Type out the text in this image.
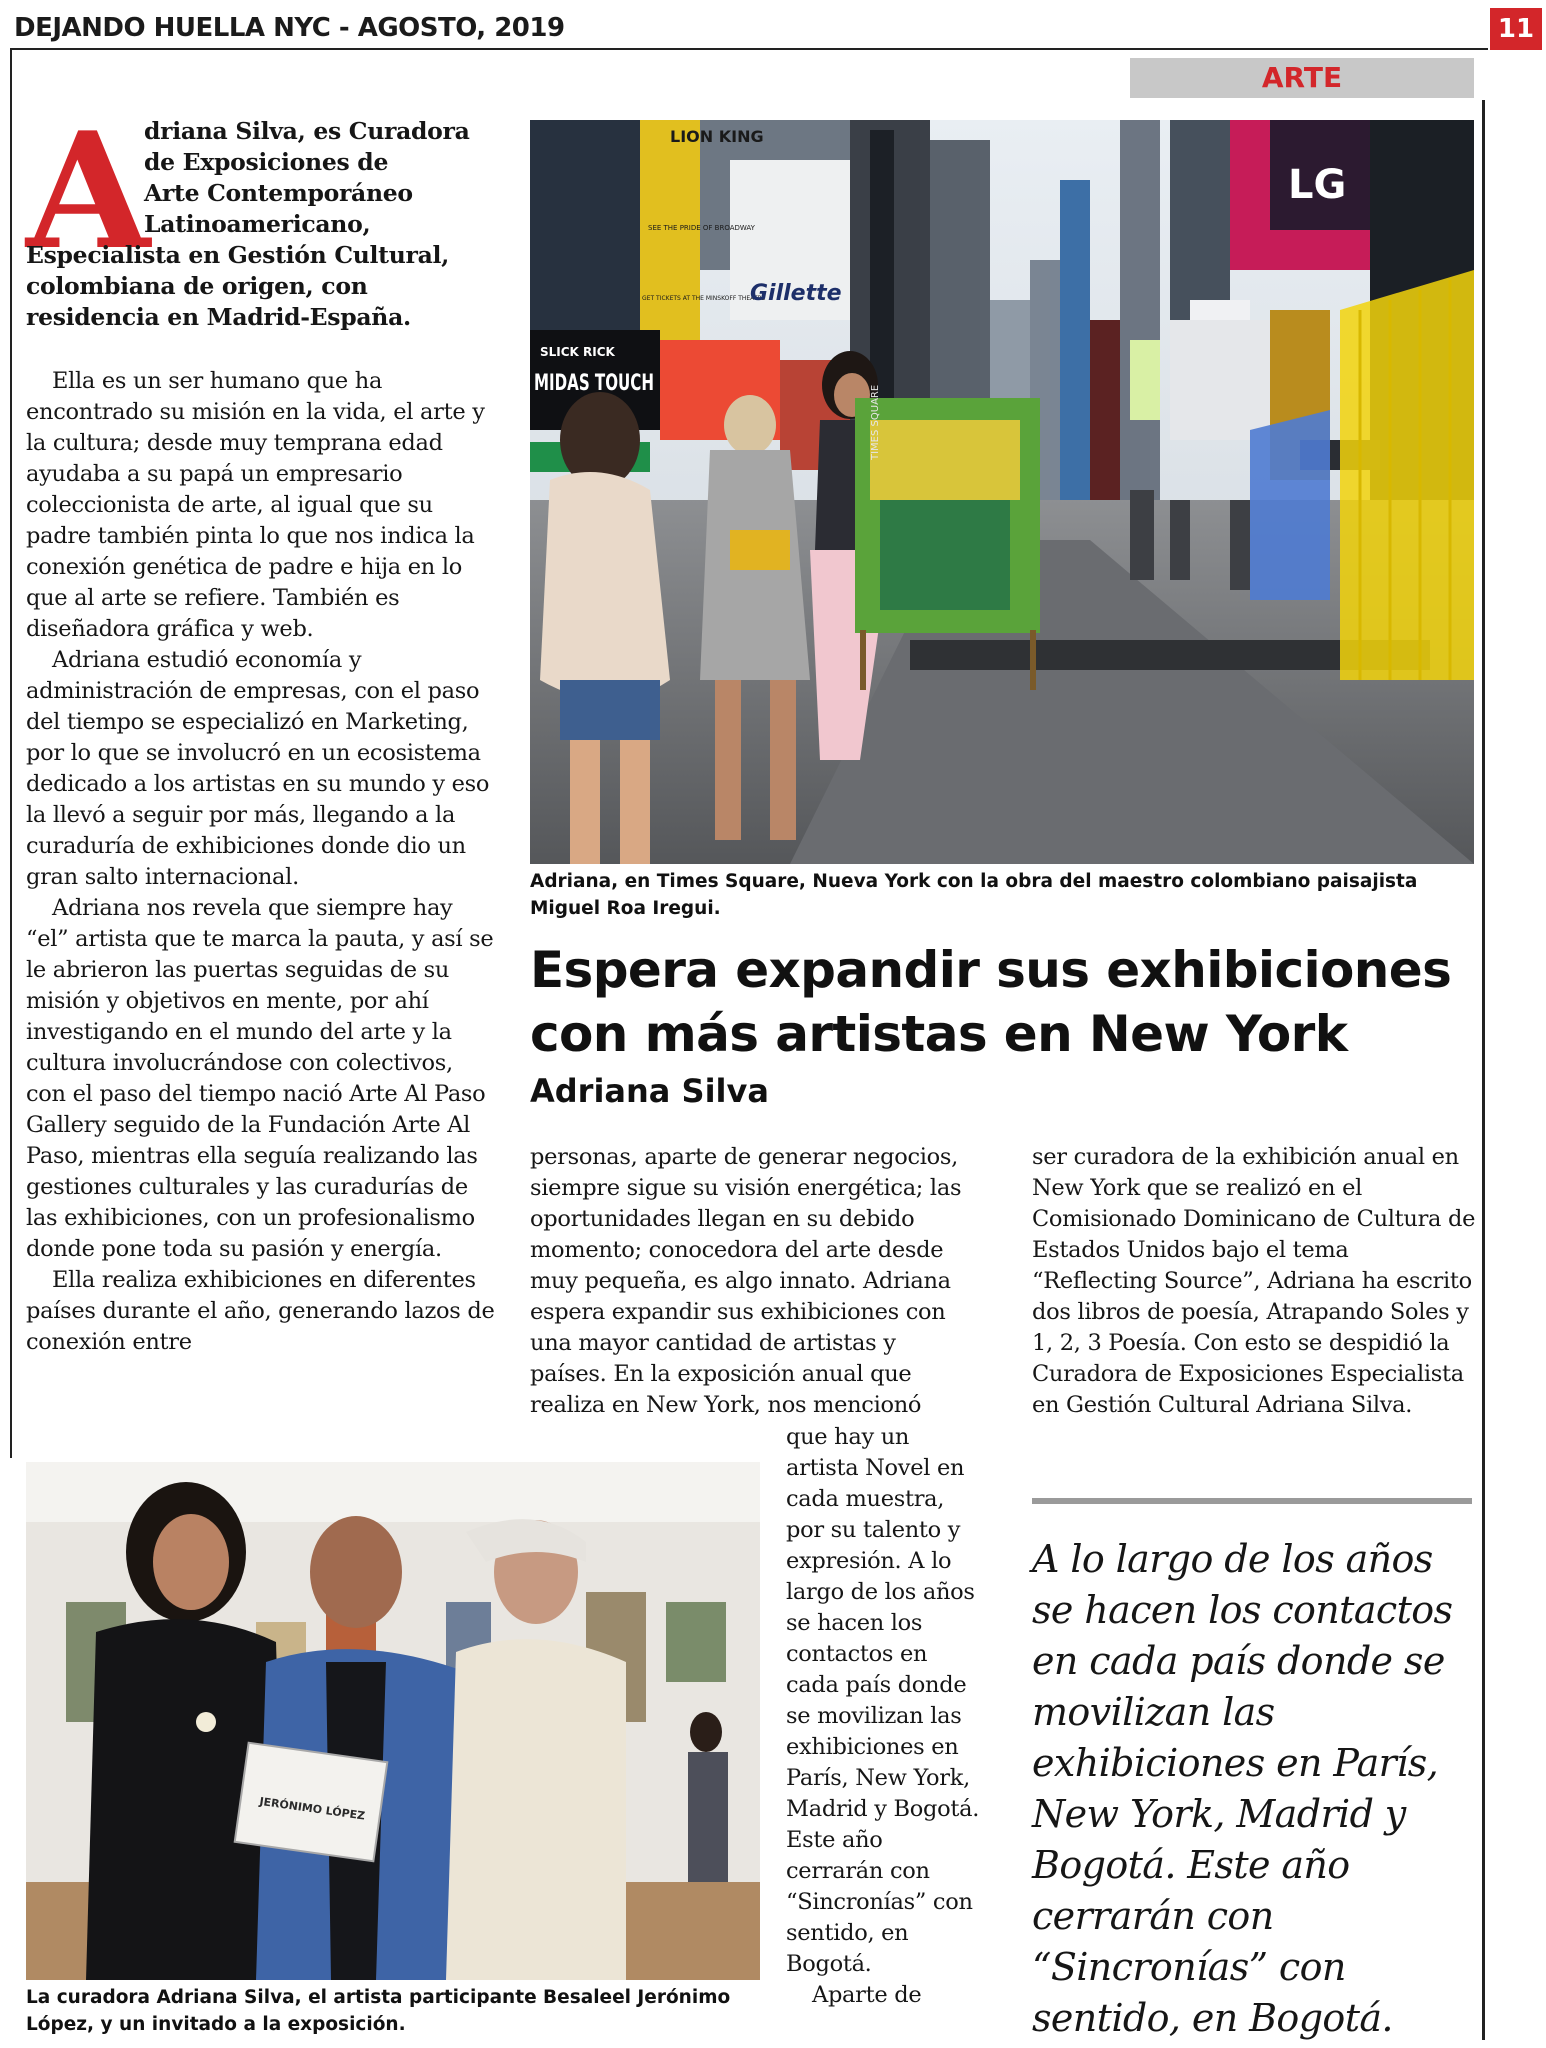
DEJANDO HUELLA NYC - AGOSTO, 2019	11
ARTE
A
driana Silva, es Curadora
de Exposiciones de
Arte Contemporáneo
Latinoamericano,
Especialista en Gestión Cultural,
colombiana de origen, con
residencia en Madrid-España.

Ella es un ser humano que ha encontrado su misión en la vida, el arte y la cultura; desde muy temprana edad ayudaba a su papá un empresario coleccionista de arte, al igual que su padre también pinta lo que nos indica la conexión genética de padre e hija en lo que al arte se refiere. También es diseñadora gráfica y web.

Adriana estudió economía y administración de empresas, con el paso del tiempo se especializó en Marketing, por lo que se involucró en un ecosistema dedicado a los artistas en su mundo y eso la llevó a seguir por más, llegando a la curaduría de exhibiciones donde dio un gran salto internacional.

Adriana nos revela que siempre hay “el” artista que te marca la pauta, y así se le abrieron las puertas seguidas de su misión y objetivos en mente, por ahí investigando en el mundo del arte y la cultura involucrándose con colectivos, con el paso del tiempo nació Arte Al Paso Gallery seguido de la Fundación Arte Al Paso, mientras ella seguía realizando las gestiones culturales y las curadurías de las exhibiciones, con un profesionalismo donde pone toda su pasión y energía.

Ella realiza exhibiciones en diferentes países durante el año, generando lazos de conexión entre

LION KING
SEE THE PRIDE OF BROADWAY
GET TICKETS AT THE MINSKOFF THEATRE
TIMES SQUARE
Gillette
SLICK RICK
MIDAS TOUCH
LG
Adriana, en Times Square, Nueva York con la obra del maestro colombiano paisajista Miguel Roa Iregui.
Espera expandir sus exhibiciones con más artistas en New York
Adriana Silva

personas, aparte de generar negocios, siempre sigue su visión energética; las oportunidades llegan en su debido momento; conocedora del arte desde muy pequeña, es algo innato. Adriana espera expandir sus exhibiciones con una mayor cantidad de artistas y países. En la exposición anual que realiza en New York, nos mencionó

que hay un artista Novel en cada muestra, por su talento y expresión. A lo largo de los años se hacen los contactos en cada país donde se movilizan las exhibiciones en París, New York, Madrid y Bogotá. Este año cerrarán con “Sincronías” con sentido, en Bogotá.

Aparte de

ser curadora de la exhibición anual en New York que se realizó en el Comisionado Dominicano de Cultura de Estados Unidos bajo el tema “Reflecting Source”, Adriana ha escrito dos libros de poesía, Atrapando Soles y 1, 2, 3 Poesía. Con esto se despidió la Curadora de Exposiciones Especialista en Gestión Cultural Adriana Silva.

A lo largo de los años se hacen los contactos en cada país donde se movilizan las exhibiciones en París, New York, Madrid y Bogotá. Este año cerrarán con “Sincronías” con sentido, en Bogotá.
JERÓNIMO LÓPEZ
La curadora Adriana Silva, el artista participante Besaleel Jerónimo López, y un invitado a la exposición.
